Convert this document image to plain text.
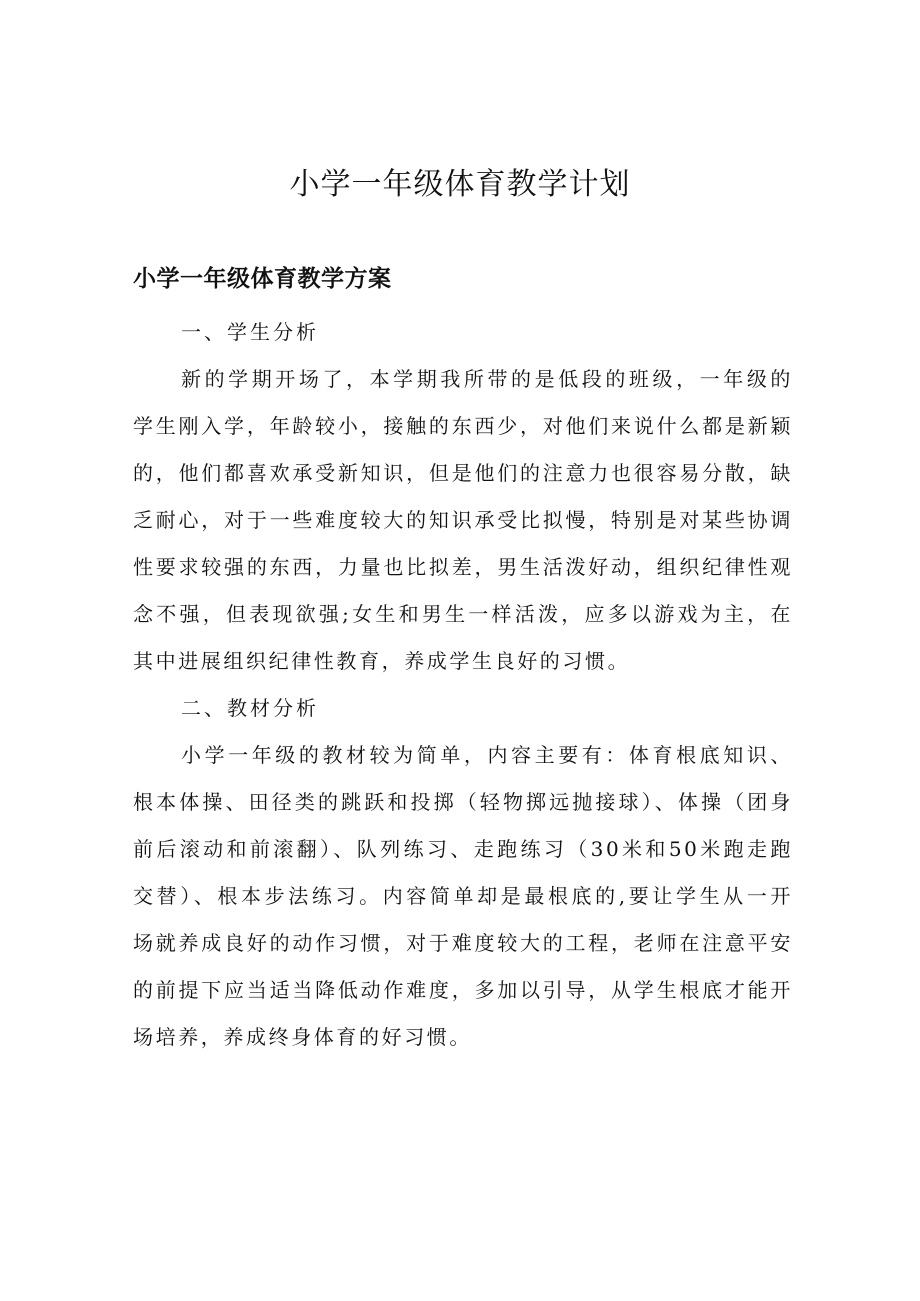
小学一年级体育教学计划
小学一年级体育教学方案
一、学生分析

新的学期开场了，本学期我所带的是低段的班级，一年级的
学生刚入学，年龄较小，接触的东西少，对他们来说什么都是新颖
的，他们都喜欢承受新知识，但是他们的注意力也很容易分散，缺
乏耐心，对于一些难度较大的知识承受比拟慢，特别是对某些协调
性要求较强的东西，力量也比拟差，男生活泼好动，组织纪律性观
念不强，但表现欲强;女生和男生一样活泼，应多以游戏为主，在
其中进展组织纪律性教育，养成学生良好的习惯。

二、教材分析

小学一年级的教材较为简单，内容主要有：体育根底知识、
根本体操、田径类的跳跃和投掷（轻物掷远抛接球）、体操（团身
前后滚动和前滚翻）、队列练习、走跑练习（30米和50米跑走跑
交替）、根本步法练习。内容简单却是最根底的,要让学生从一开
场就养成良好的动作习惯，对于难度较大的工程，老师在注意平安
的前提下应当适当降低动作难度，多加以引导，从学生根底才能开
场培养，养成终身体育的好习惯。
